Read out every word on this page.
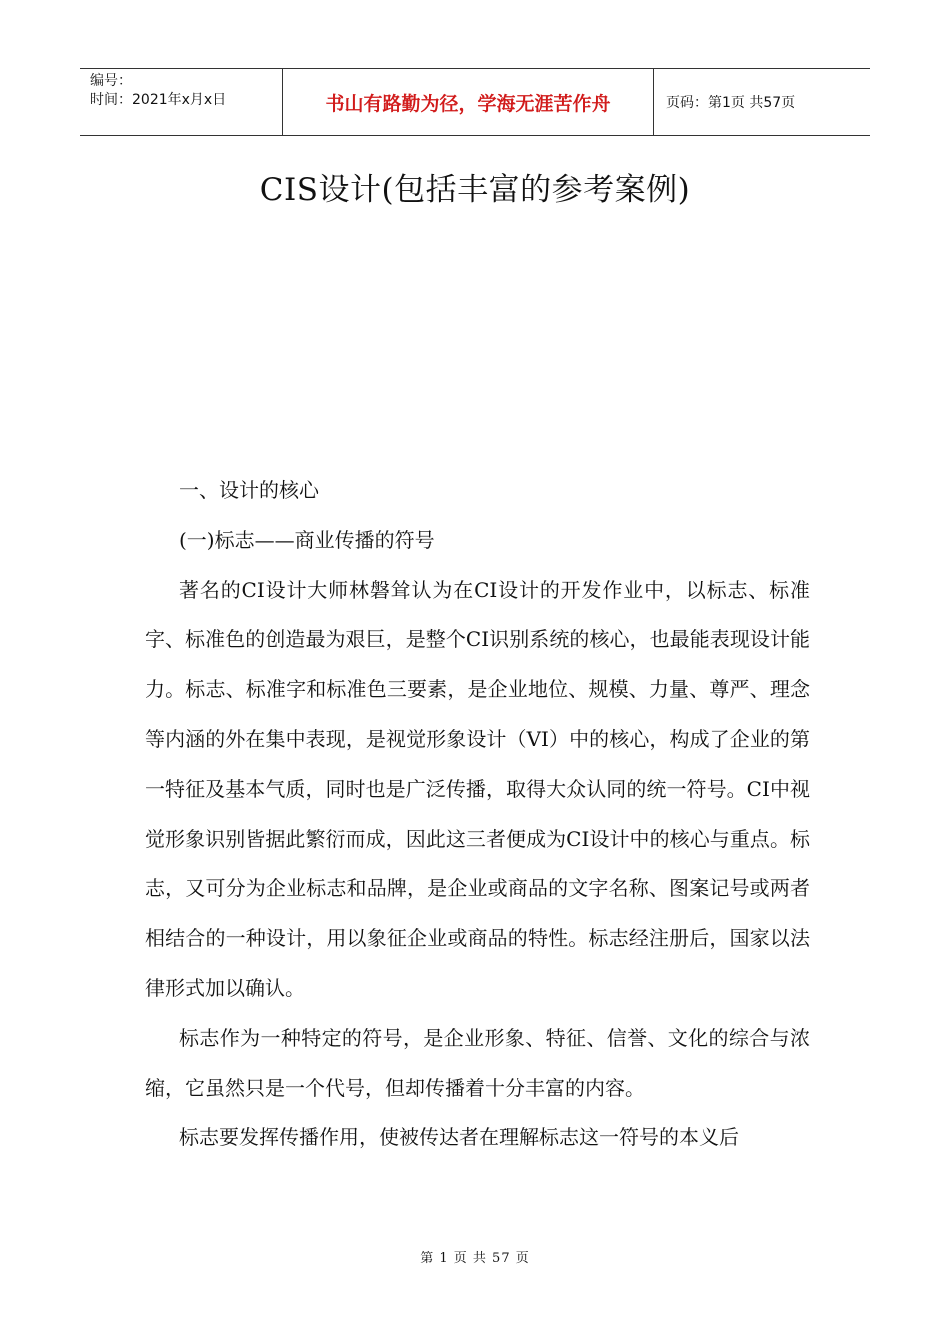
编号：
时间：2021年x月x日	书山有路勤为径，学海无涯苦作舟	页码：第1页 共57页
CIS设计(包括丰富的参考案例)

一、设计的核心

(一)标志——商业传播的符号

著名的CI设计大师林磐耸认为在CI设计的开发作业中，以标志、标准字、标准色的创造最为艰巨，是整个CI识别系统的核心，也最能表现设计能力。标志、标准字和标准色三要素，是企业地位、规模、力量、尊严、理念等内涵的外在集中表现，是视觉形象设计（VI）中的核心，构成了企业的第一特征及基本气质，同时也是广泛传播，取得大众认同的统一符号。CI中视觉形象识别皆据此繁衍而成，因此这三者便成为CI设计中的核心与重点。标志，又可分为企业标志和品牌，是企业或商品的文字名称、图案记号或两者相结合的一种设计，用以象征企业或商品的特性。标志经注册后，国家以法律形式加以确认。

标志作为一种特定的符号，是企业形象、特征、信誉、文化的综合与浓缩，它虽然只是一个代号，但却传播着十分丰富的内容。

标志要发挥传播作用，使被传达者在理解标志这一符号的本义后

第 1 页 共 57 页
